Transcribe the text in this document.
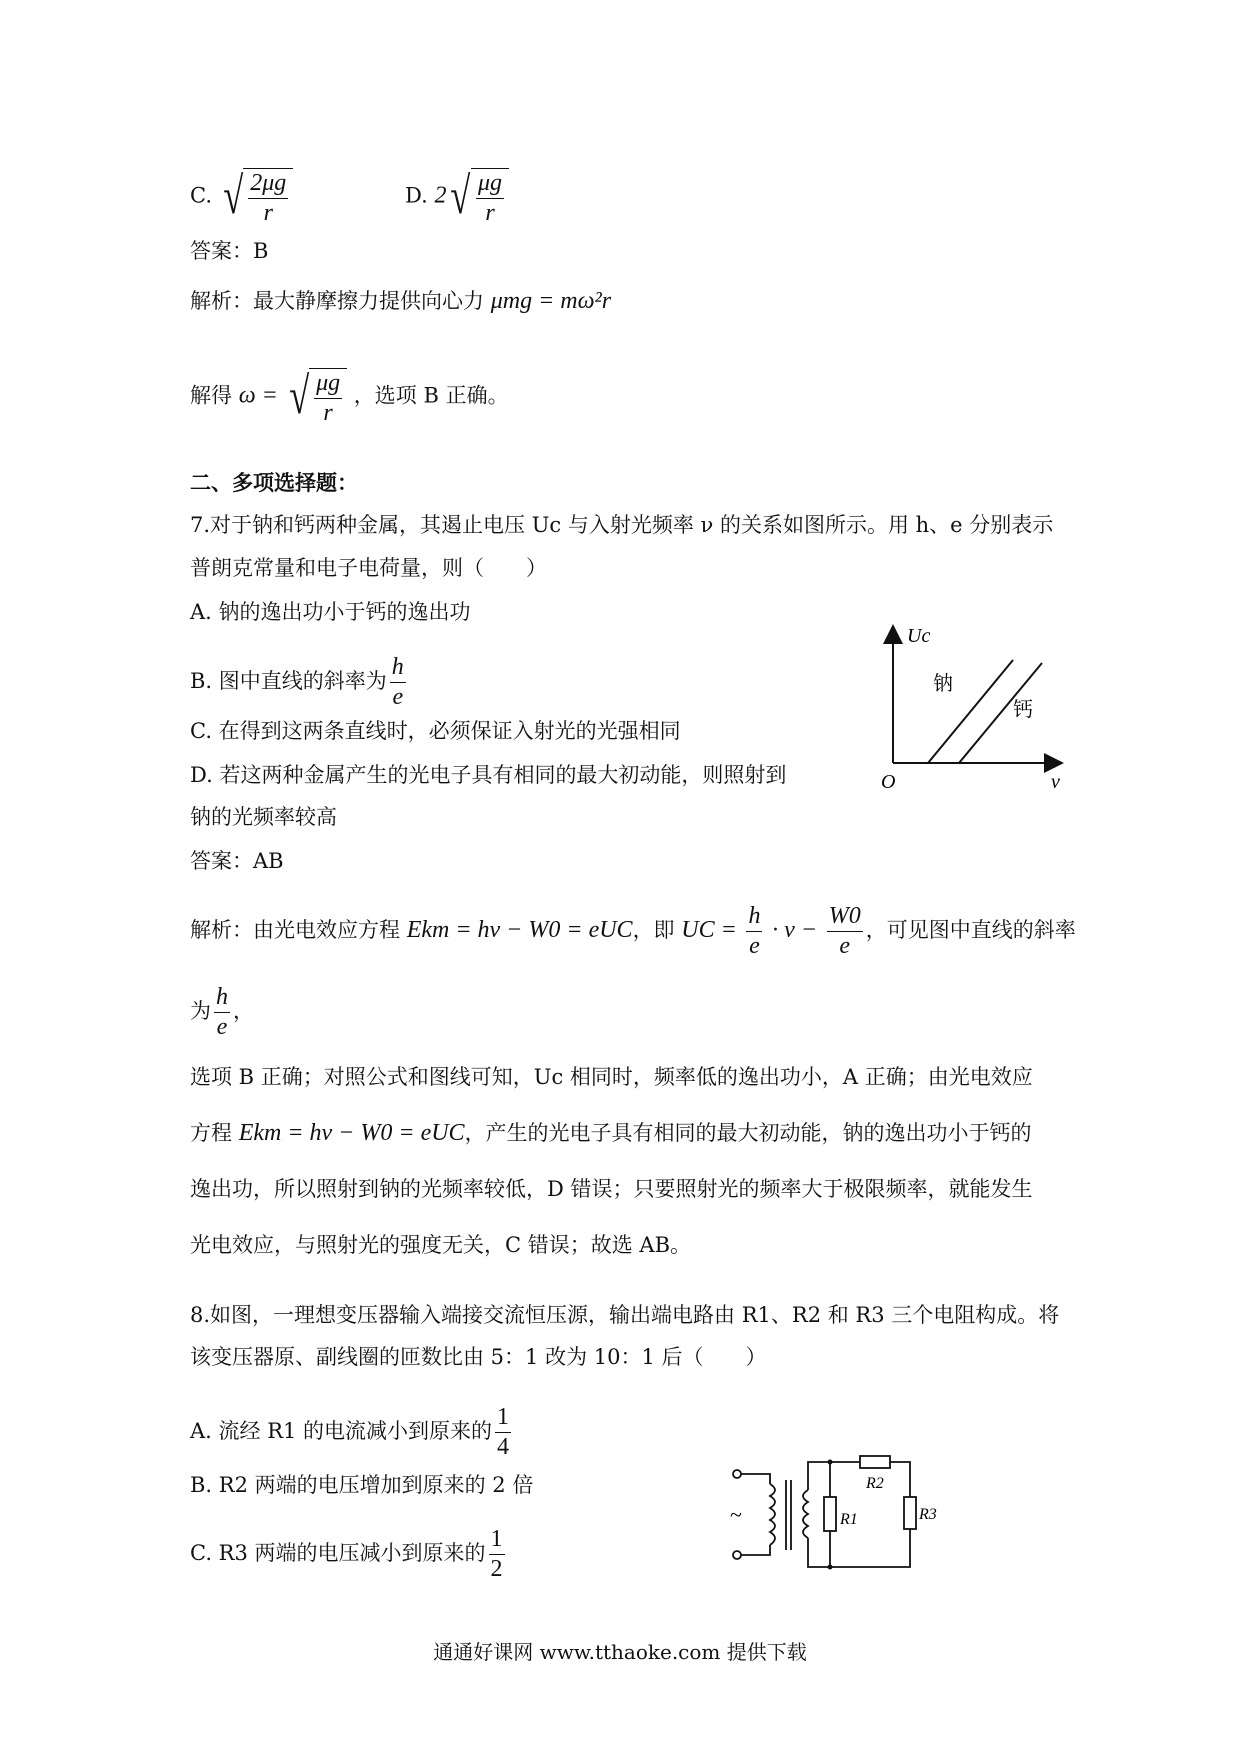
C. √ $\frac{2\mu g}{r}$	D. 2 √ $\frac{\mu g}{r}$
答案：B
解析：最大静摩擦力提供向心力 μmg = mω²r
解得 ω = √ $\frac{\mu g}{r}$ ，选项 B 正确。
二、多项选择题：
7.对于钠和钙两种金属，其遏止电压 Uc 与入射光频率 ν 的关系如图所示。用 h、e 分别表示
普朗克常量和电子电荷量，则（　　）
A. 钠的逸出功小于钙的逸出功
B. 图中直线的斜率为 $\frac{h}{e}$
C. 在得到这两条直线时，必须保证入射光的光强相同
D. 若这两种金属产生的光电子具有相同的最大初动能，则照射到
钠的光频率较高
Uc
ν
O
钠
钙
答案：AB
解析：由光电效应方程 Ekm = hν − W0 = eUC，即 UC = $\frac{h}{e} \cdot \nu - \frac{W0}{e}$ ，可见图中直线的斜率
为 $\frac{h}{e}$ ，
选项 B 正确；对照公式和图线可知，Uc 相同时，频率低的逸出功小，A 正确；由光电效应
方程 Ekm = hν − W0 = eUC，产生的光电子具有相同的最大初动能，钠的逸出功小于钙的
逸出功，所以照射到钠的光频率较低，D 错误；只要照射光的频率大于极限频率，就能发生
光电效应，与照射光的强度无关，C 错误；故选 AB。
8.如图，一理想变压器输入端接交流恒压源，输出端电路由 R1、R2 和 R3 三个电阻构成。将
该变压器原、副线圈的匝数比由 5：1 改为 10：1 后（　　）
A. 流经 R1 的电流减小到原来的 $\frac{1}{4}$
B. R2 两端的电压增加到原来的 2 倍
C. R3 两端的电压减小到原来的 $\frac{1}{2}$
~	R1
R2
R3
通通好课网 www.tthaoke.com 提供下载
